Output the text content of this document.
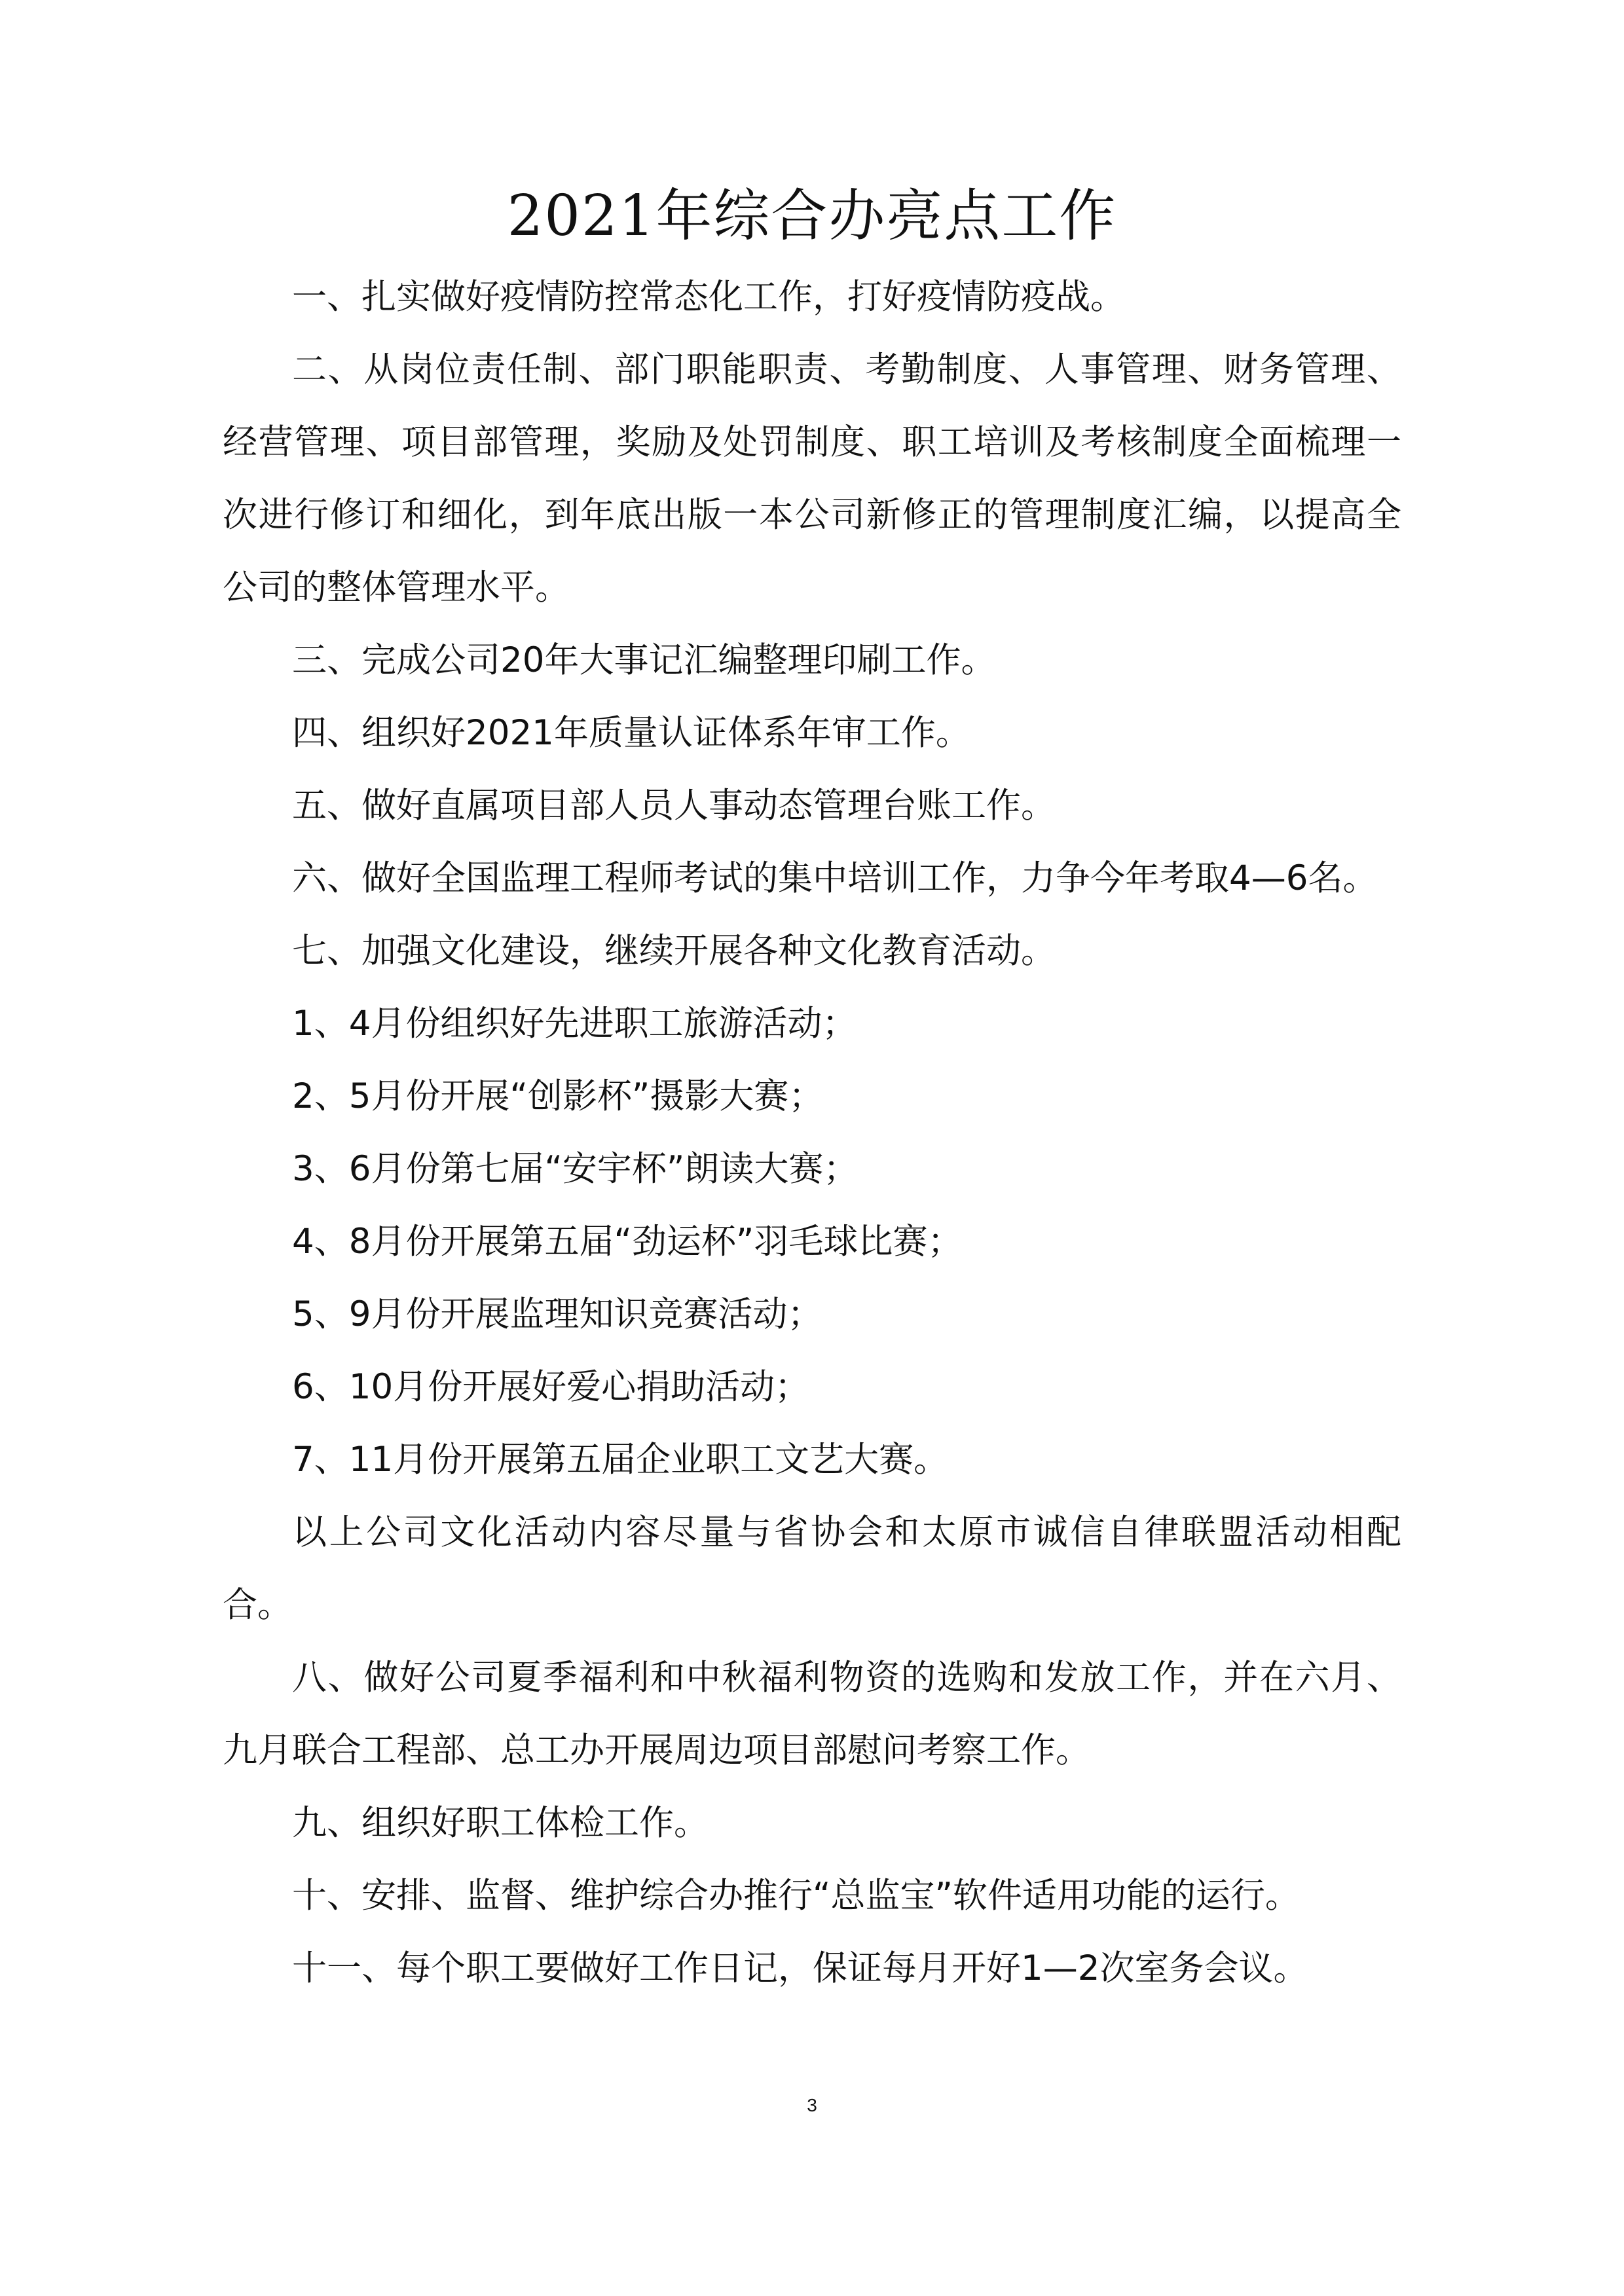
2021年综合办亮点工作

一、扎实做好疫情防控常态化工作，打好疫情防疫战。

二、从岗位责任制、部门职能职责、考勤制度、人事管理、财务管理、经营管理、项目部管理，奖励及处罚制度、职工培训及考核制度全面梳理一次进行修订和细化，到年底出版一本公司新修正的管理制度汇编，以提高全公司的整体管理水平。

三、完成公司20年大事记汇编整理印刷工作。

四、组织好2021年质量认证体系年审工作。

五、做好直属项目部人员人事动态管理台账工作。

六、做好全国监理工程师考试的集中培训工作，力争今年考取4—6名。

七、加强文化建设，继续开展各种文化教育活动。

1、4月份组织好先进职工旅游活动；

2、5月份开展“创影杯”摄影大赛；

3、6月份第七届“安宇杯”朗读大赛；

4、8月份开展第五届“劲运杯”羽毛球比赛；

5、9月份开展监理知识竞赛活动；

6、10月份开展好爱心捐助活动；

7、11月份开展第五届企业职工文艺大赛。

以上公司文化活动内容尽量与省协会和太原市诚信自律联盟活动相配合。

八、做好公司夏季福利和中秋福利物资的选购和发放工作，并在六月、九月联合工程部、总工办开展周边项目部慰问考察工作。

九、组织好职工体检工作。

十、安排、监督、维护综合办推行“总监宝”软件适用功能的运行。

十一、每个职工要做好工作日记，保证每月开好1—2次室务会议。

3
